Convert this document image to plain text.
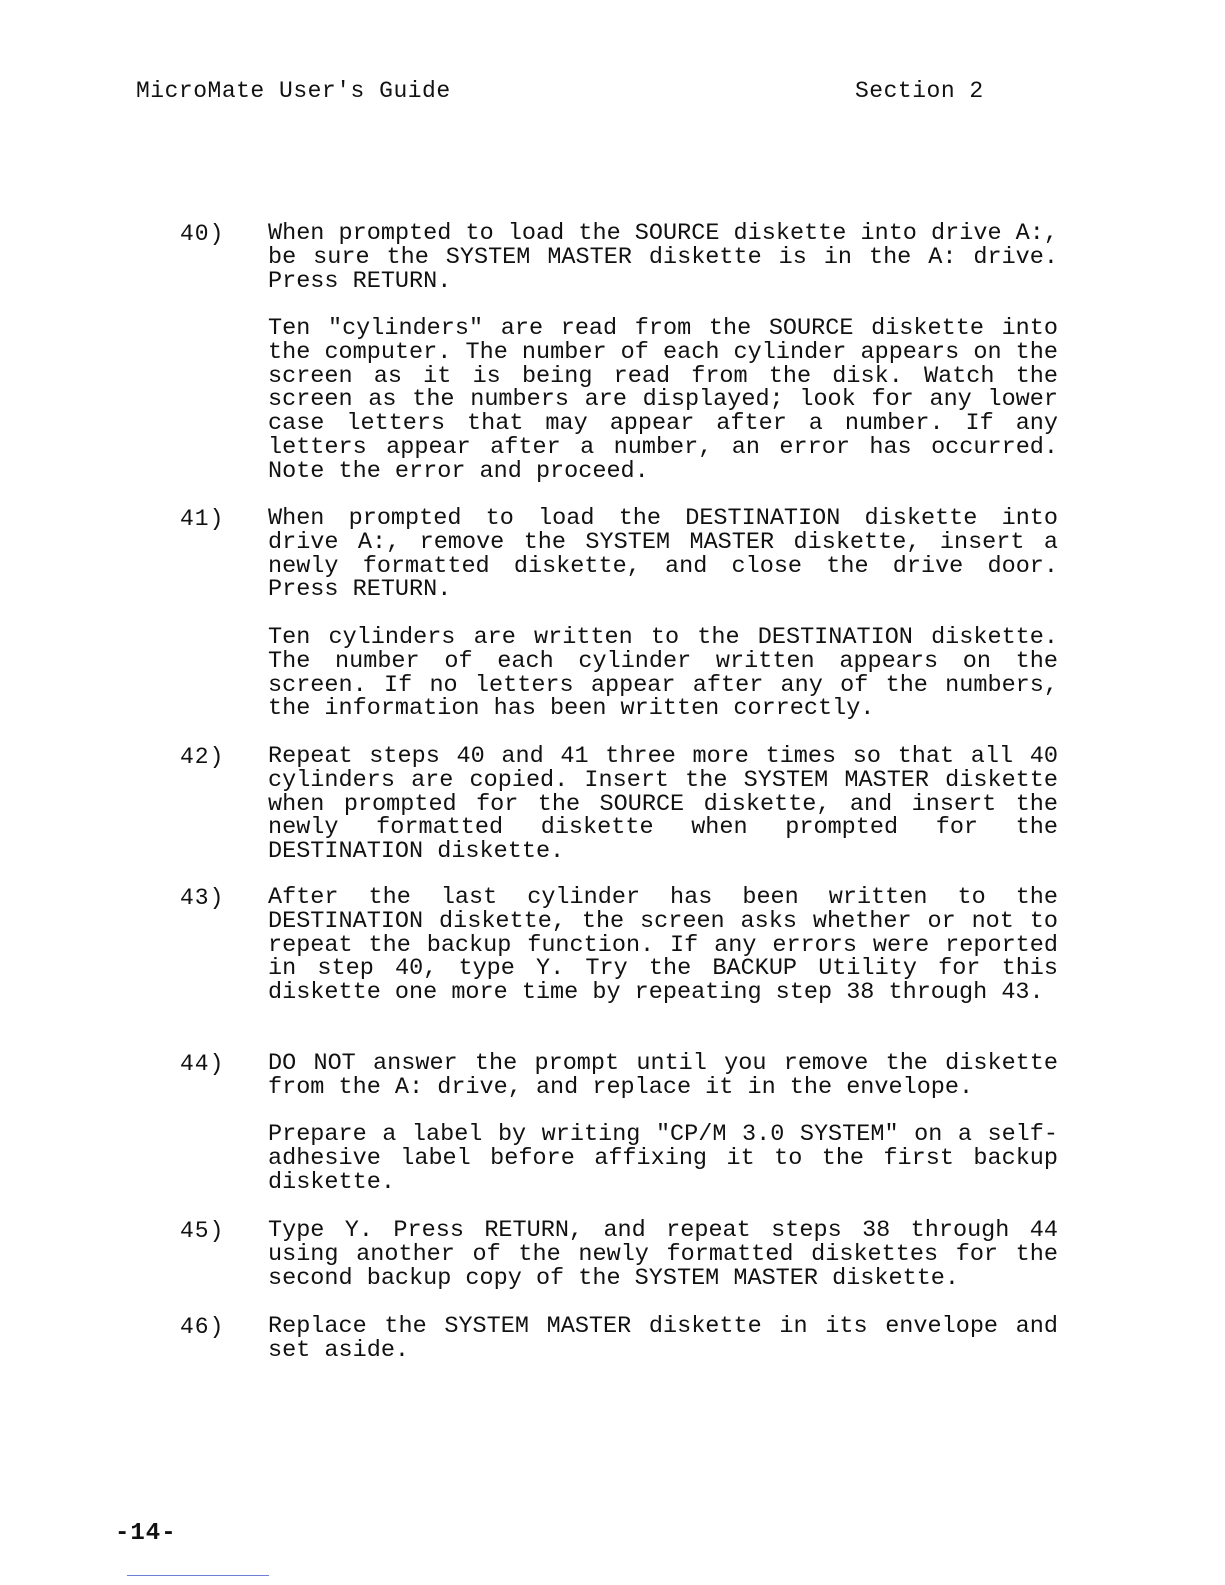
MicroMate User's Guide	Section 2
40) When prompted to load the SOURCE diskette into drive A:, be sure the SYSTEM MASTER diskette is in the A: drive. Press RETURN.

Ten "cylinders" are read from the SOURCE diskette into the computer. The number of each cylinder appears on the screen as it is being read from the disk. Watch the screen as the numbers are displayed; look for any lower case letters that may appear after a number. If any letters appear after a number, an error has occurred. Note the error and proceed.

41) When prompted to load the DESTINATION diskette into drive A:, remove the SYSTEM MASTER diskette, insert a newly formatted diskette, and close the drive door. Press RETURN.

Ten cylinders are written to the DESTINATION diskette. The number of each cylinder written appears on the screen. If no letters appear after any of the numbers, the information has been written correctly.

42) Repeat steps 40 and 41 three more times so that all 40 cylinders are copied. Insert the SYSTEM MASTER diskette when prompted for the SOURCE diskette, and insert the newly formatted diskette when prompted for the DESTINATION diskette.

43) After the last cylinder has been written to the DESTINATION diskette, the screen asks whether or not to repeat the backup function. If any errors were reported in step 40, type Y. Try the BACKUP Utility for this diskette one more time by repeating step 38 through 43.

44) DO NOT answer the prompt until you remove the diskette from the A: drive, and replace it in the envelope.

Prepare a label by writing "CP/M 3.0 SYSTEM" on a self-adhesive label before affixing it to the first backup diskette.

45) Type Y. Press RETURN, and repeat steps 38 through 44 using another of the newly formatted diskettes for the second backup copy of the SYSTEM MASTER diskette.

46) Replace the SYSTEM MASTER diskette in its envelope and set aside.

-14-
